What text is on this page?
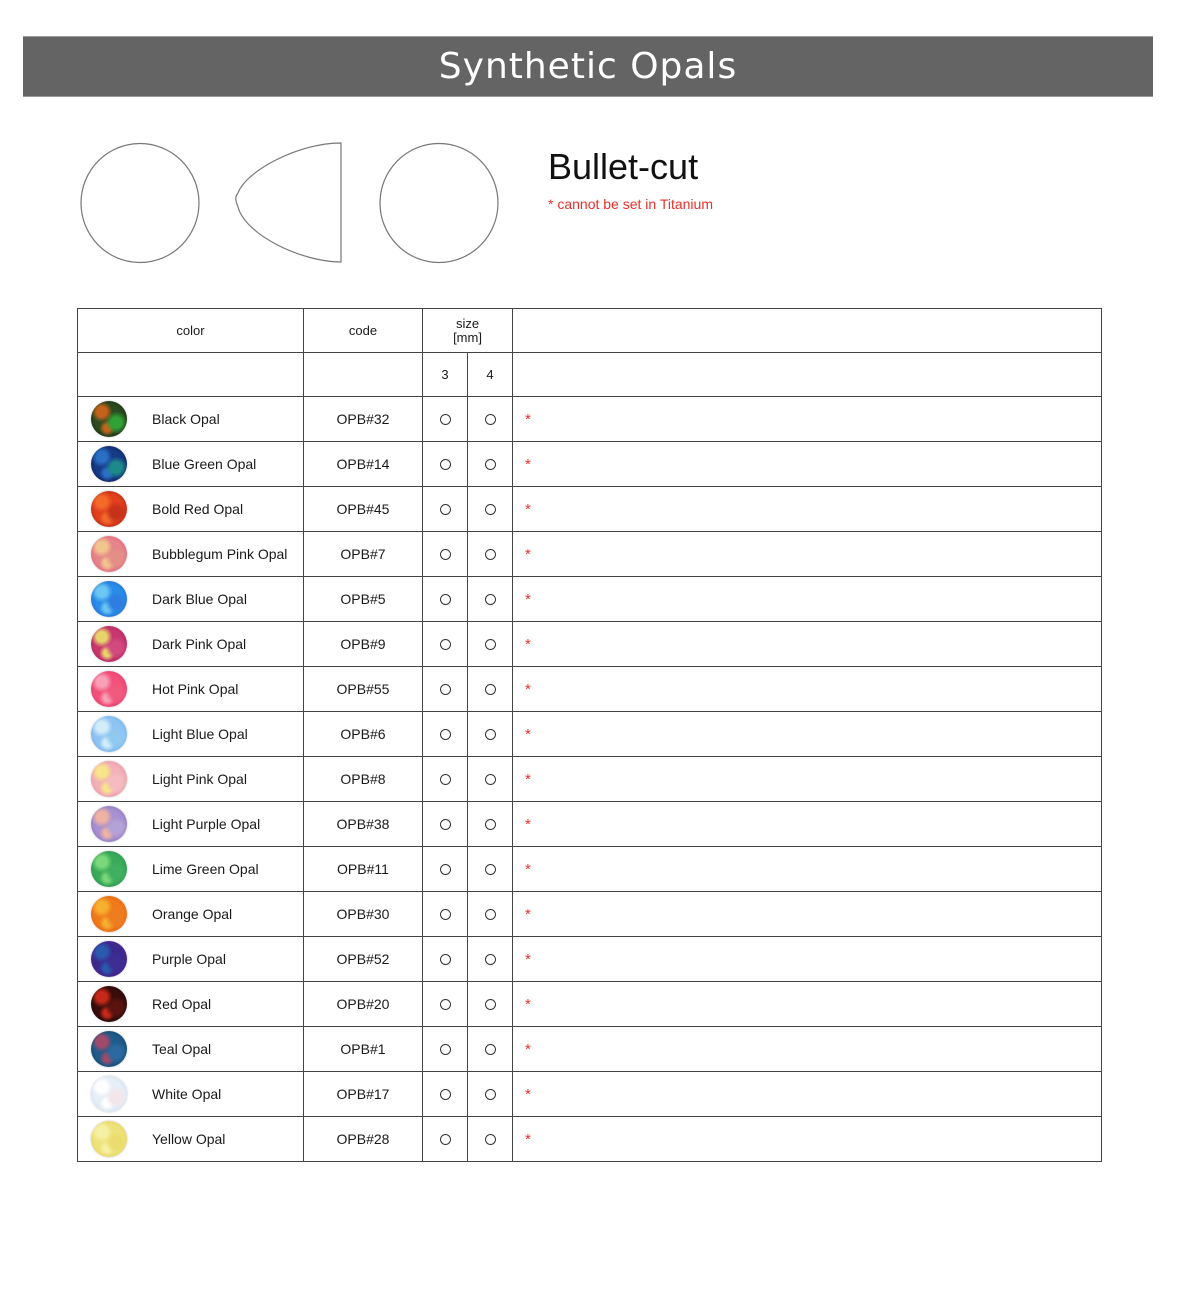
Synthetic Opals
Bullet-cut
* cannot be set in Titanium
color	code	size
[mm]		

		3	4	

Black Opal	OPB#32			*

Blue Green Opal	OPB#14			*

Bold Red Opal	OPB#45			*

Bubblegum Pink Opal	OPB#7			*

Dark Blue Opal	OPB#5			*

Dark Pink Opal	OPB#9			*

Hot Pink Opal	OPB#55			*

Light Blue Opal	OPB#6			*

Light Pink Opal	OPB#8			*

Light Purple Opal	OPB#38			*

Lime Green Opal	OPB#11			*

Orange Opal	OPB#30			*

Purple Opal	OPB#52			*

Red Opal	OPB#20			*

Teal Opal	OPB#1			*

White Opal	OPB#17			*

Yellow Opal	OPB#28			*
